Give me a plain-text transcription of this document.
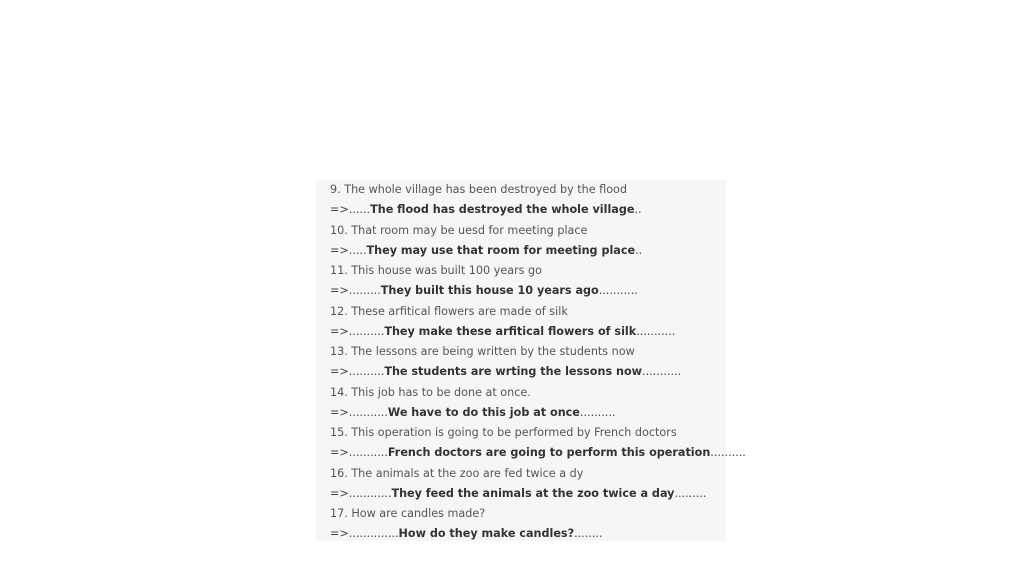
9. The whole village has been destroyed by the flood
=>......The flood has destroyed the whole village..
10. That room may be uesd for meeting place
=>.....They may use that room for meeting place..
11. This house was built 100 years go
=>.........They built this house 10 years ago...........
12. These arfitical flowers are made of silk
=>..........They make these arfitical flowers of silk...........
13. The lessons are being written by the students now
=>..........The students are wrting the lessons now...........
14. This job has to be done at once.
=>...........We have to do this job at once..........
15. This operation is going to be performed by French doctors
=>...........French doctors are going to perform this operation..........
16. The animals at the zoo are fed twice a dy
=>............They feed the animals at the zoo twice a day.........
17. How are candles made?
=>..............How do they make candles?........
